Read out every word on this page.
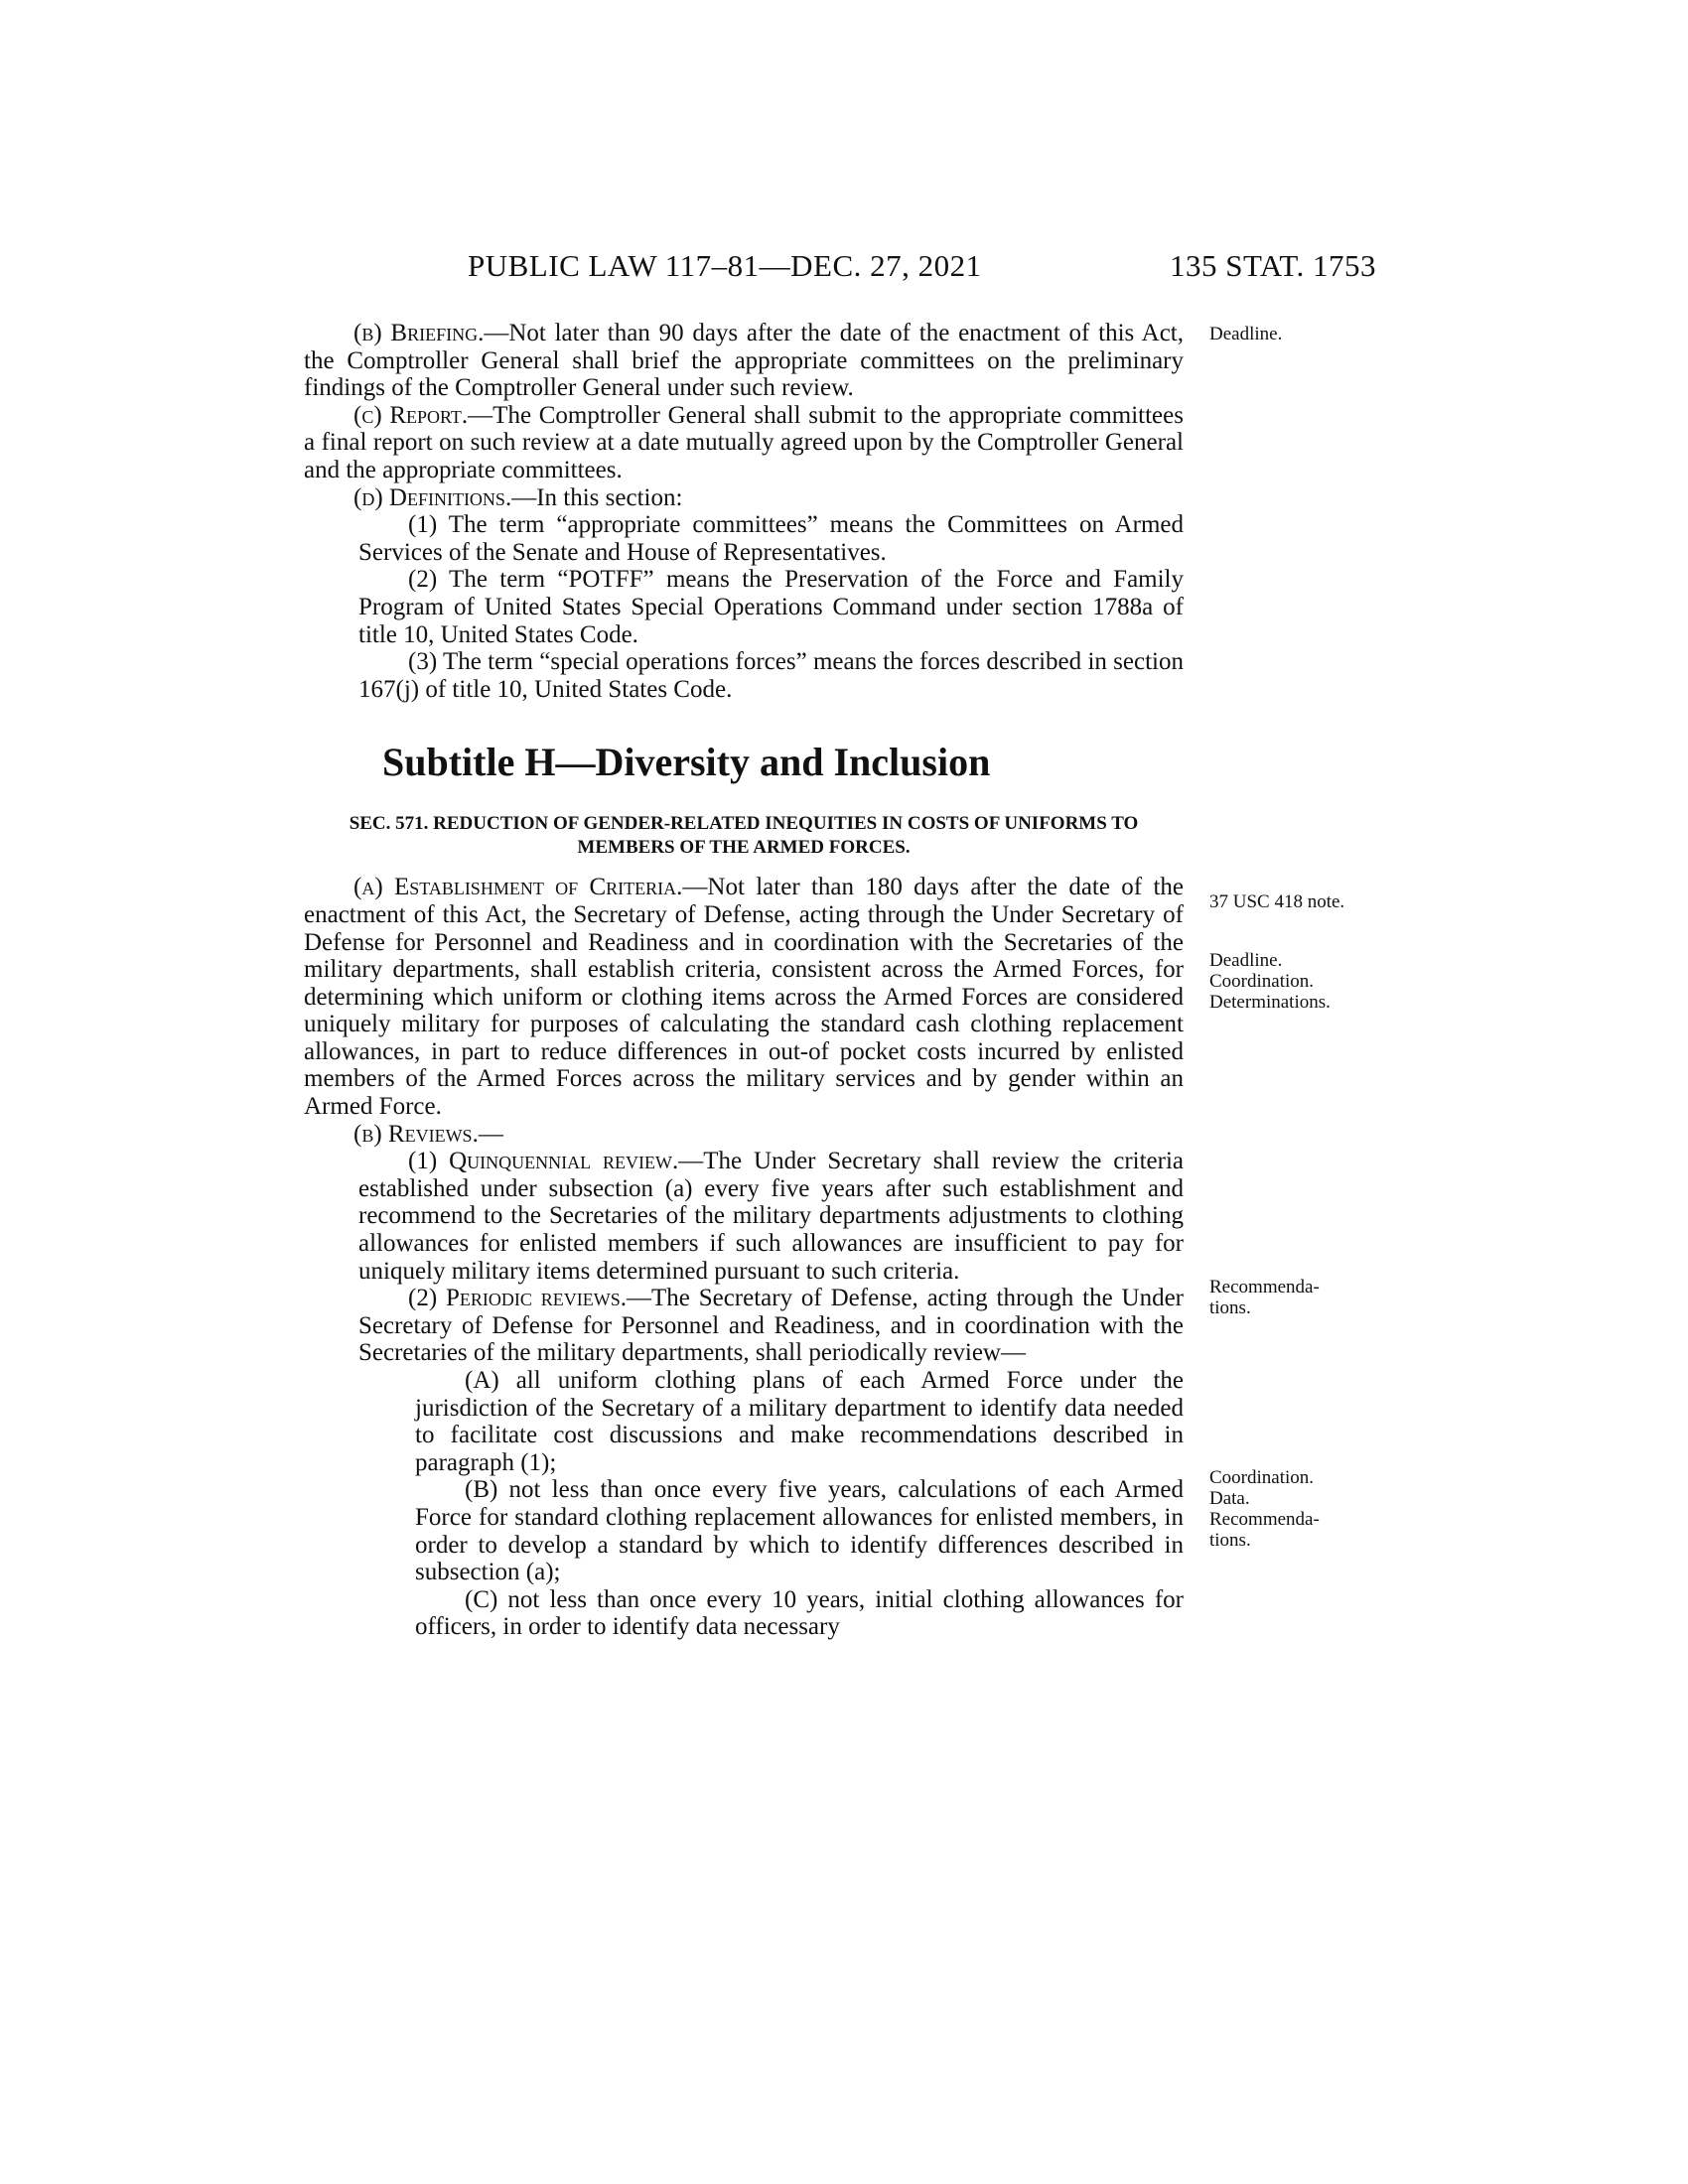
PUBLIC LAW 117–81—DEC. 27, 2021	135 STAT. 1753

(b) Briefing.—Not later than 90 days after the date of the enactment of this Act, the Comptroller General shall brief the appropriate committees on the preliminary findings of the Comptroller General under such review.

(c) Report.—The Comptroller General shall submit to the appropriate committees a final report on such review at a date mutually agreed upon by the Comptroller General and the appropriate committees.

(d) Definitions.—In this section:

(1) The term “appropriate committees” means the Committees on Armed Services of the Senate and House of Representatives.

(2) The term “POTFF” means the Preservation of the Force and Family Program of United States Special Operations Command under section 1788a of title 10, United States Code.

(3) The term “special operations forces” means the forces described in section 167(j) of title 10, United States Code.

Subtitle H—Diversity and Inclusion

SEC. 571. REDUCTION OF GENDER-RELATED INEQUITIES IN COSTS OF UNIFORMS TO MEMBERS OF THE ARMED FORCES.

(a) Establishment of Criteria.—Not later than 180 days after the date of the enactment of this Act, the Secretary of Defense, acting through the Under Secretary of Defense for Personnel and Readiness and in coordination with the Secretaries of the military departments, shall establish criteria, consistent across the Armed Forces, for determining which uniform or clothing items across the Armed Forces are considered uniquely military for purposes of calculating the standard cash clothing replacement allowances, in part to reduce differences in out-of pocket costs incurred by enlisted members of the Armed Forces across the military services and by gender within an Armed Force.

(b) Reviews.—

(1) Quinquennial review.—The Under Secretary shall review the criteria established under subsection (a) every five years after such establishment and recommend to the Secretaries of the military departments adjustments to clothing allowances for enlisted members if such allowances are insufficient to pay for uniquely military items determined pursuant to such criteria.

(2) Periodic reviews.—The Secretary of Defense, acting through the Under Secretary of Defense for Personnel and Readiness, and in coordination with the Secretaries of the military departments, shall periodically review—

(A) all uniform clothing plans of each Armed Force under the jurisdiction of the Secretary of a military department to identify data needed to facilitate cost discussions and make recommendations described in paragraph (1);

(B) not less than once every five years, calculations of each Armed Force for standard clothing replacement allowances for enlisted members, in order to develop a standard by which to identify differences described in subsection (a);

(C) not less than once every 10 years, initial clothing allowances for officers, in order to identify data necessary

Deadline.
37 USC 418 note.
Deadline.
Coordination.
Determinations.
Recommenda-
tions.
Coordination.
Data.
Recommenda-
tions.
